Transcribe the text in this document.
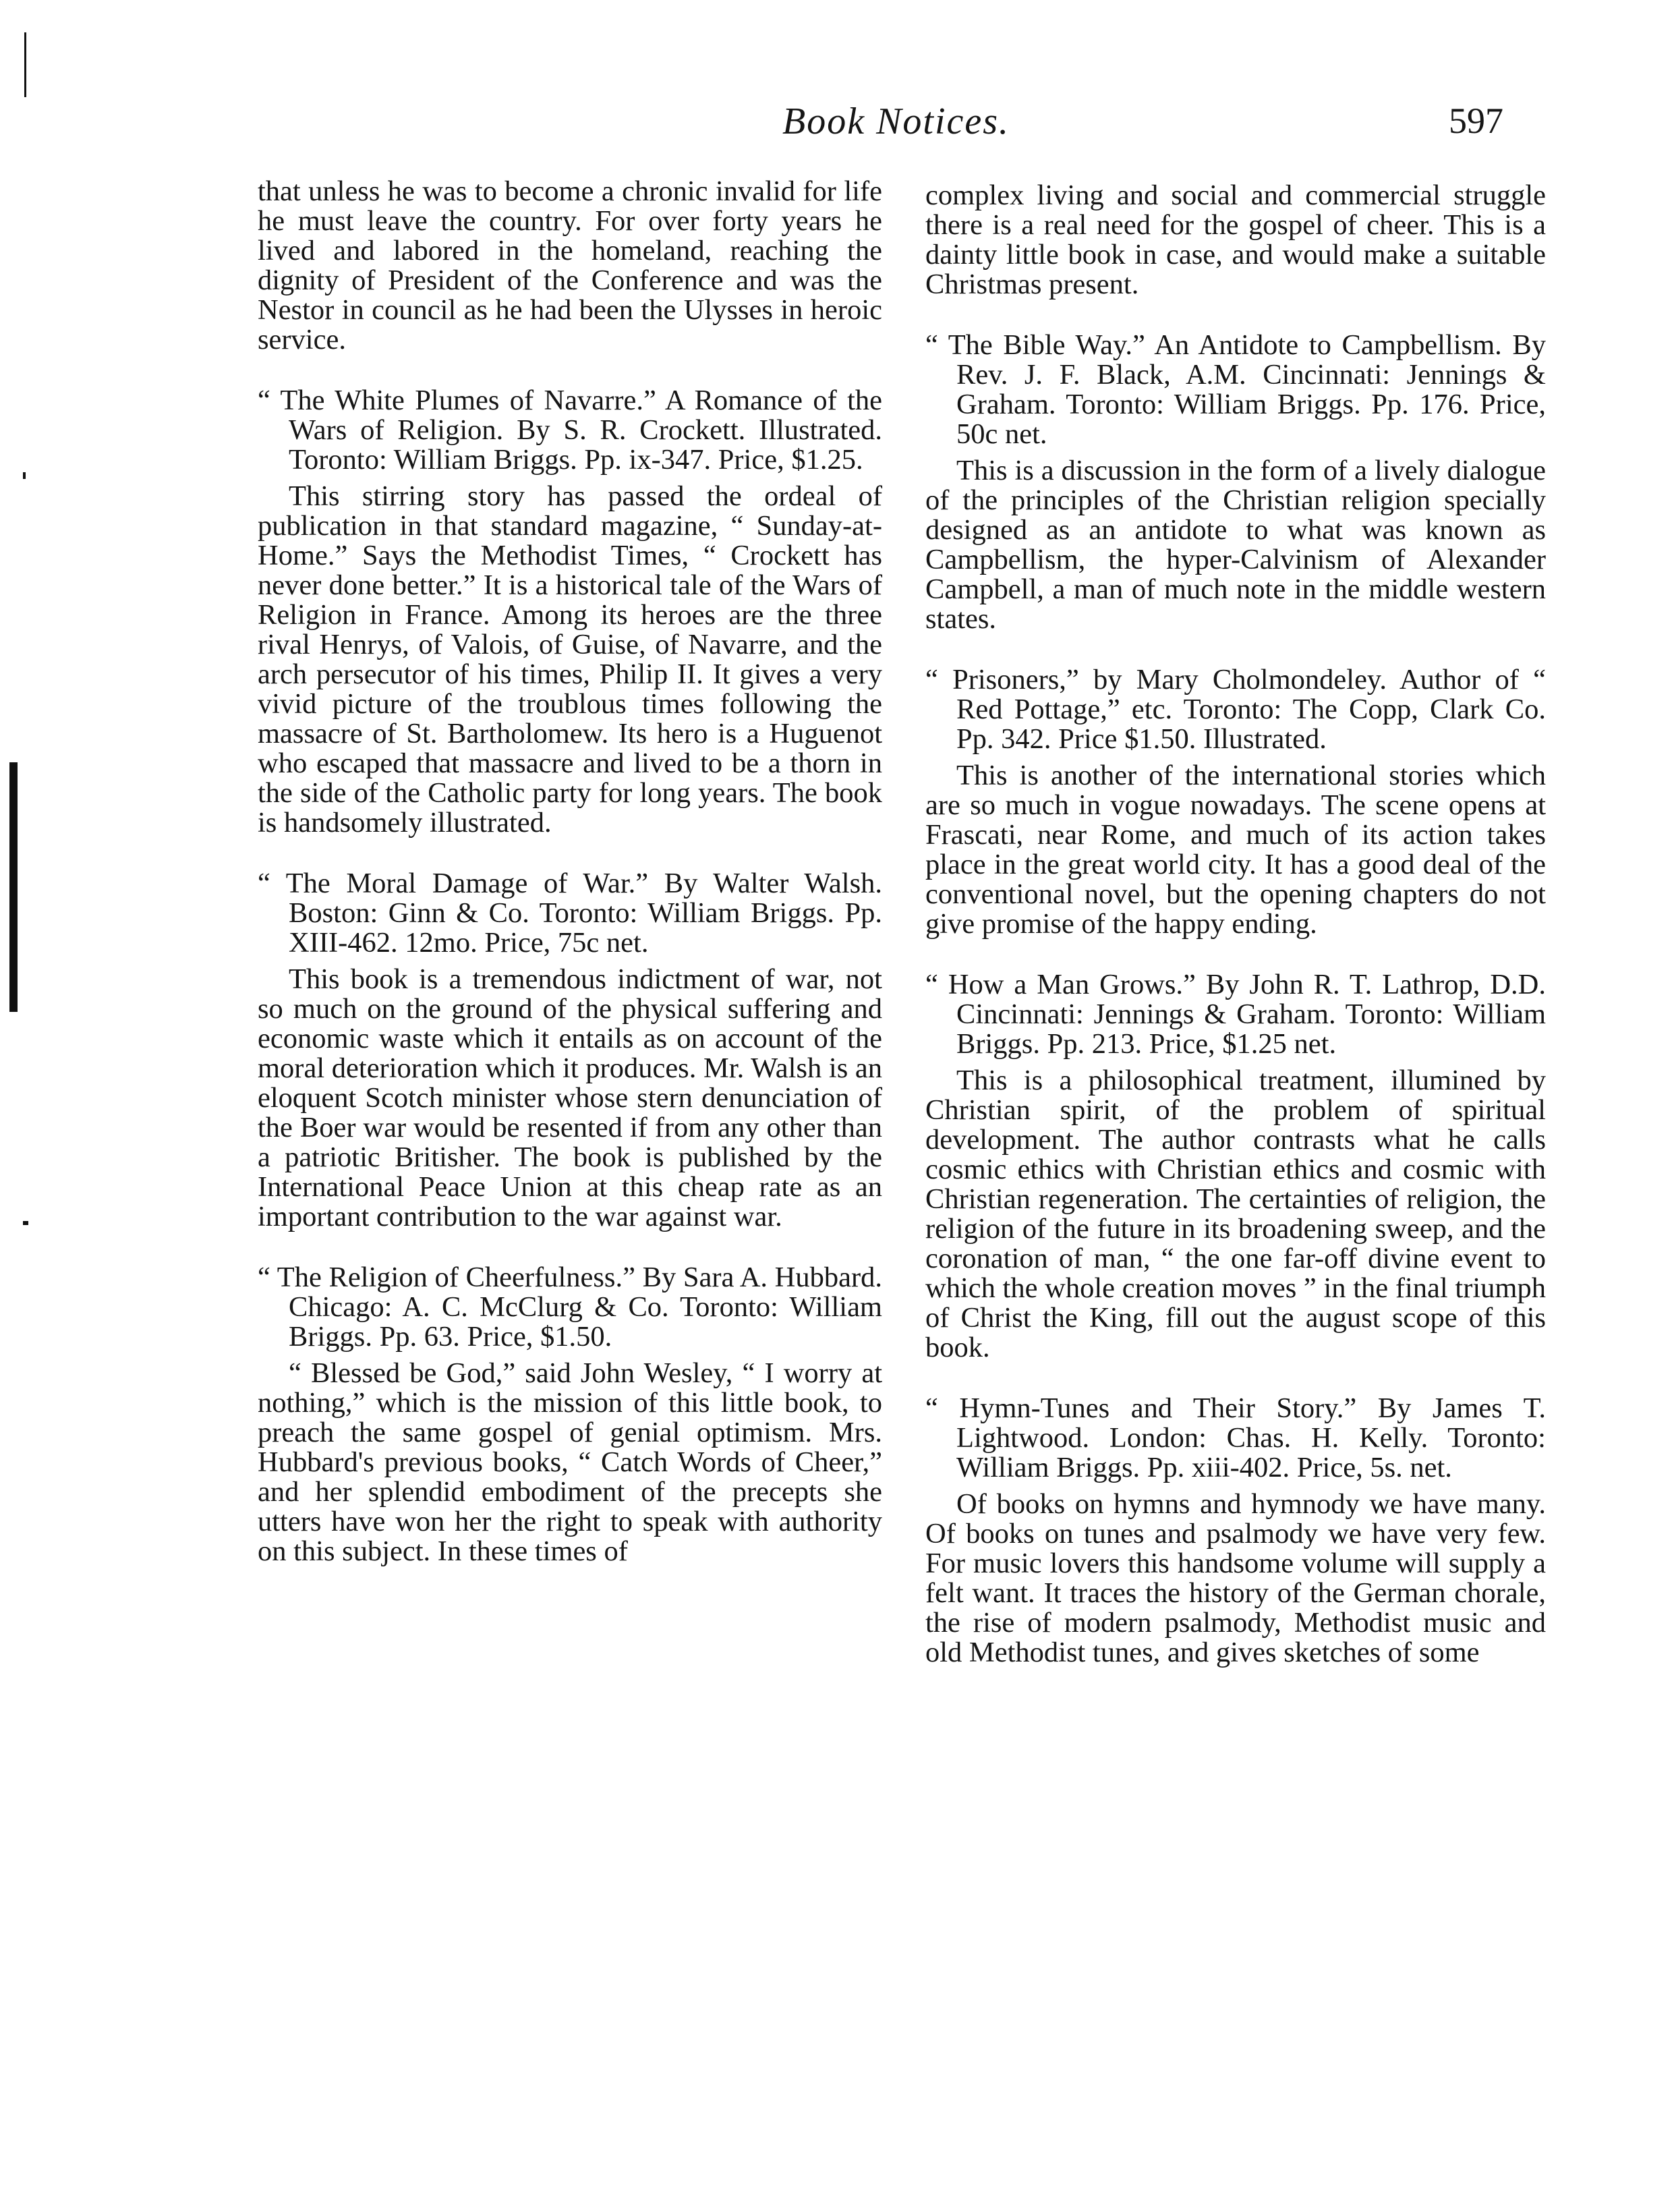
Book Notices.	597

that unless he was to become a chronic invalid for life he must leave the country. For over forty years he lived and labored in the homeland, reaching the dignity of President of the Conference and was the Nestor in council as he had been the Ulysses in heroic service.

“ The White Plumes of Navarre.” A Romance of the Wars of Religion. By S. R. Crockett. Illustrated. Toronto: William Briggs. Pp. ix-347. Price, $1.25.

This stirring story has passed the ordeal of publication in that standard magazine, “ Sunday-at-Home.” Says the Methodist Times, “ Crockett has never done better.” It is a historical tale of the Wars of Religion in France. Among its heroes are the three rival Henrys, of Valois, of Guise, of Navarre, and the arch persecutor of his times, Philip II. It gives a very vivid picture of the troublous times following the massacre of St. Bartholomew. Its hero is a Huguenot who escaped that massacre and lived to be a thorn in the side of the Catholic party for long years. The book is handsomely illustrated.

“ The Moral Damage of War.” By Walter Walsh. Boston: Ginn & Co. Toronto: William Briggs. Pp. XIII-462. 12mo. Price, 75c net.

This book is a tremendous indictment of war, not so much on the ground of the physical suffering and economic waste which it entails as on account of the moral deterioration which it produces. Mr. Walsh is an eloquent Scotch minister whose stern denunciation of the Boer war would be resented if from any other than a patriotic Britisher. The book is published by the International Peace Union at this cheap rate as an important contribution to the war against war.

“ The Religion of Cheerfulness.” By Sara A. Hubbard. Chicago: A. C. McClurg & Co. Toronto: William Briggs. Pp. 63. Price, $1.50.

“ Blessed be God,” said John Wesley, “ I worry at nothing,” which is the mission of this little book, to preach the same gospel of genial optimism. Mrs. Hubbard's previous books, “ Catch Words of Cheer,” and her splendid embodiment of the precepts she utters have won her the right to speak with authority on this subject. In these times of

complex living and social and commercial struggle there is a real need for the gospel of cheer. This is a dainty little book in case, and would make a suitable Christmas present.

“ The Bible Way.” An Antidote to Campbellism. By Rev. J. F. Black, A.M. Cincinnati: Jennings & Graham. Toronto: William Briggs. Pp. 176. Price, 50c net.

This is a discussion in the form of a lively dialogue of the principles of the Christian religion specially designed as an antidote to what was known as Campbellism, the hyper-Calvinism of Alexander Campbell, a man of much note in the middle western states.

“ Prisoners,” by Mary Cholmondeley. Author of “ Red Pottage,” etc. Toronto: The Copp, Clark Co. Pp. 342. Price $1.50. Illustrated.

This is another of the international stories which are so much in vogue nowadays. The scene opens at Frascati, near Rome, and much of its action takes place in the great world city. It has a good deal of the conventional novel, but the opening chapters do not give promise of the happy ending.

“ How a Man Grows.” By John R. T. Lathrop, D.D. Cincinnati: Jennings & Graham. Toronto: William Briggs. Pp. 213. Price, $1.25 net.

This is a philosophical treatment, illumined by Christian spirit, of the problem of spiritual development. The author contrasts what he calls cosmic ethics with Christian ethics and cosmic with Christian regeneration. The certainties of religion, the religion of the future in its broadening sweep, and the coronation of man, “ the one far-off divine event to which the whole creation moves ” in the final triumph of Christ the King, fill out the august scope of this book.

“ Hymn-Tunes and Their Story.” By James T. Lightwood. London: Chas. H. Kelly. Toronto: William Briggs. Pp. xiii-402. Price, 5s. net.

Of books on hymns and hymnody we have many. Of books on tunes and psalmody we have very few. For music lovers this handsome volume will supply a felt want. It traces the history of the German chorale, the rise of modern psalmody, Methodist music and old Methodist tunes, and gives sketches of some
